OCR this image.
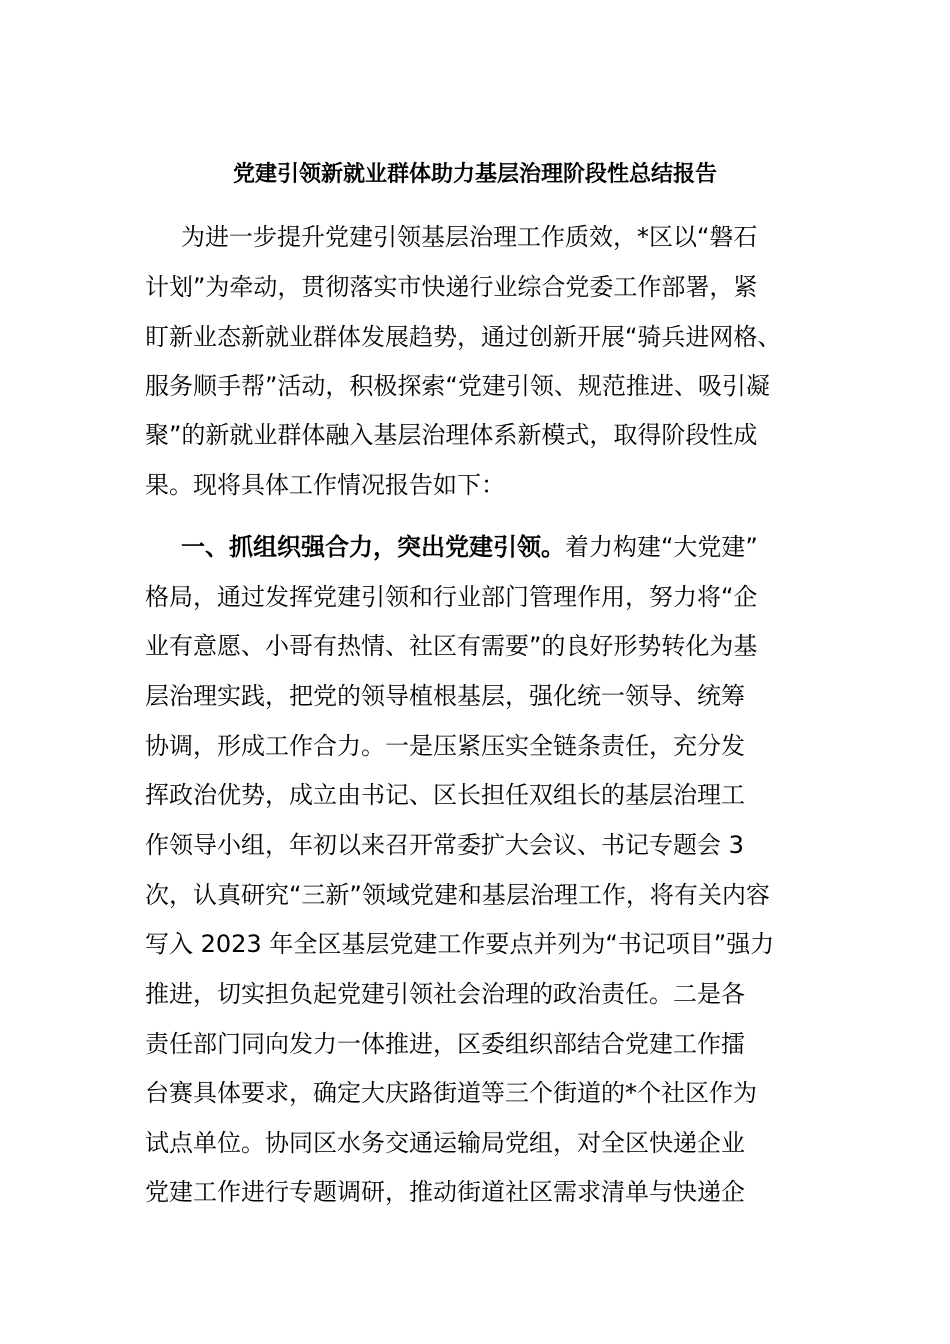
党建引领新就业群体助力基层治理阶段性总结报告
为进一步提升党建引领基层治理工作质效，*区以“磐石
计划”为牵动，贯彻落实市快递行业综合党委工作部署，紧
盯新业态新就业群体发展趋势，通过创新开展“骑兵进网格、
服务顺手帮”活动，积极探索“党建引领、规范推进、吸引凝
聚”的新就业群体融入基层治理体系新模式，取得阶段性成
果。现将具体工作情况报告如下：
一、抓组织强合力，突出党建引领。着力构建“大党建”
格局，通过发挥党建引领和行业部门管理作用，努力将“企
业有意愿、小哥有热情、社区有需要”的良好形势转化为基
层治理实践，把党的领导植根基层，强化统一领导、统筹
协调，形成工作合力。一是压紧压实全链条责任，充分发
挥政治优势，成立由书记、区长担任双组长的基层治理工
作领导小组，年初以来召开常委扩大会议、书记专题会 3
次，认真研究“三新”领域党建和基层治理工作，将有关内容
写入 2023 年全区基层党建工作要点并列为“书记项目”强力
推进，切实担负起党建引领社会治理的政治责任。二是各
责任部门同向发力一体推进，区委组织部结合党建工作擂
台赛具体要求，确定大庆路街道等三个街道的*个社区作为
试点单位。协同区水务交通运输局党组，对全区快递企业
党建工作进行专题调研，推动街道社区需求清单与快递企
